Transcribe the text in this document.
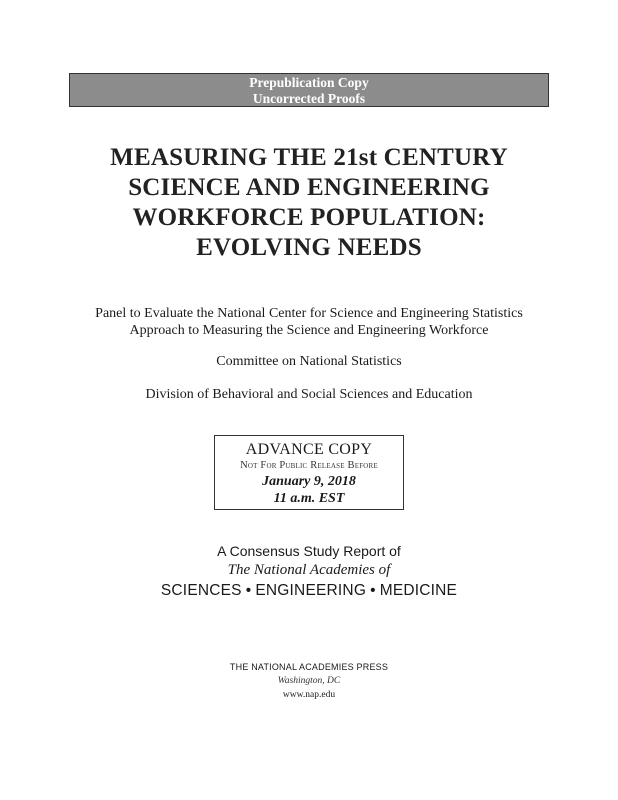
Prepublication Copy
Uncorrected Proofs
MEASURING THE 21st CENTURY
SCIENCE AND ENGINEERING
WORKFORCE POPULATION:
EVOLVING NEEDS
Panel to Evaluate the National Center for Science and Engineering Statistics
Approach to Measuring the Science and Engineering Workforce
Committee on National Statistics
Division of Behavioral and Social Sciences and Education
ADVANCE COPY
Not For Public Release Before
January 9, 2018
11 a.m. EST
A Consensus Study Report of
The National Academies of
SCIENCES • ENGINEERING • MEDICINE
THE NATIONAL ACADEMIES PRESS
Washington, DC
www.nap.edu
